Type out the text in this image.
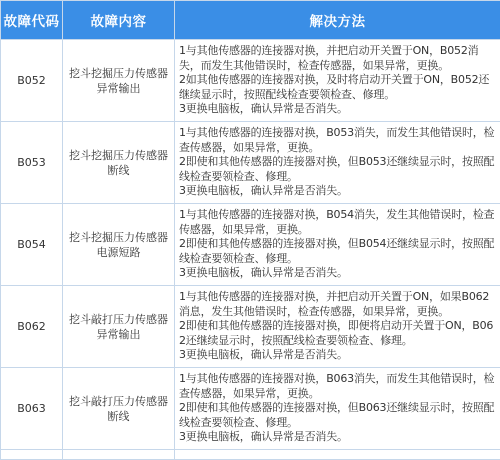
故障代码	故障内容	解决方法
B052	挖斗挖掘压力传感器异常输出	1与其他传感器的连接器对换，并把启动开关置于ON，B052消失，而发生其他错误时，检查传感器，如果异常，更换。
2如其他传感器的连接器对换，及时将启动开关置于ON，B052还继续显示时，按照配线检查要领检查、修理。
3更换电脑板，确认异常是否消失。

B053	挖斗挖掘压力传感器断线	1与其他传感器的连接器对换，B053消失，而发生其他错误时，检查传感器，如果异常，更换。
2即使和其他传感器的连接器对换，但B053还继续显示时，按照配线检查要领检查、修理。
3更换电脑板，确认异常是否消失。

B054	挖斗挖掘压力传感器电源短路	1与其他传感器的连接器对换，B054消失，发生其他错误时，检查传感器，如果异常，更换。
2即使和其他传感器的连接器对换，但B054还继续显示时，按照配线检查要领检查、修理。
3更换电脑板，确认异常是否消失。

B062	挖斗敲打压力传感器异常输出	1与其他传感器的连接器对换，并把启动开关置于ON，如果B062消息，发生其他错误时，检查传感器，如果异常，更换。
2即使和其他传感器的连接器对换，即便将启动开关置于ON，B062还继续显示时，按照配线检查要领检查、修理。
3更换电脑板，确认异常是否消失。

B063	挖斗敲打压力传感器断线	1与其他传感器的连接器对换，B063消失，而发生其他错误时，检查传感器，如果异常，更换。
2即使和其他传感器的连接器对换，但B063还继续显示时，按照配线检查要领检查、修理。
3更换电脑板，确认异常是否消失。
